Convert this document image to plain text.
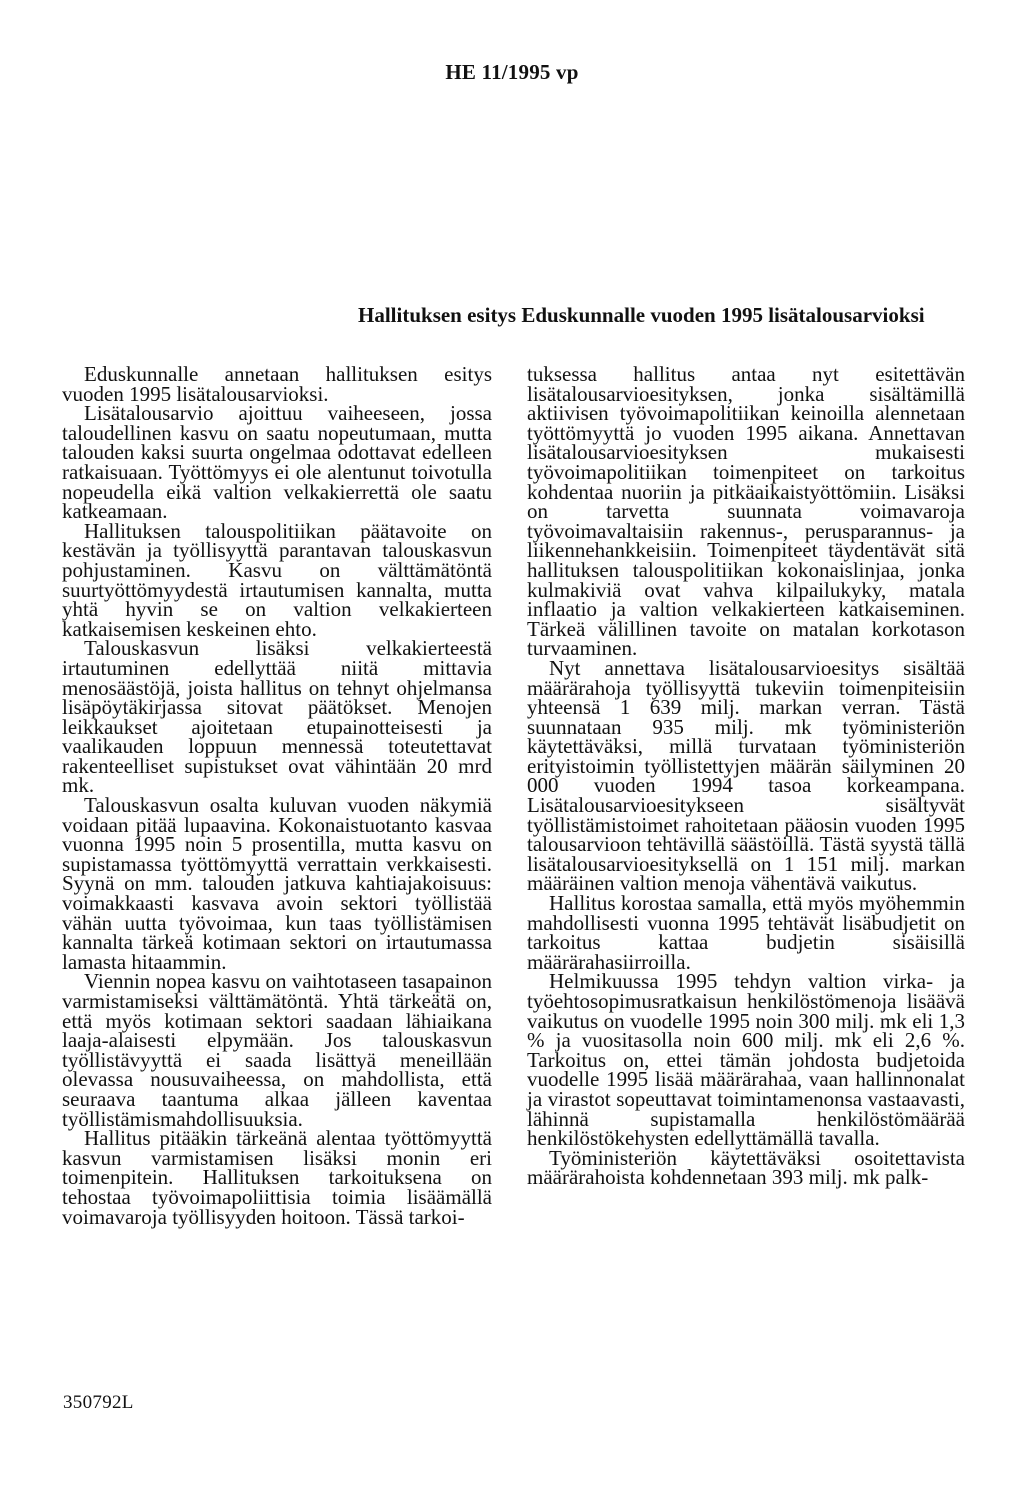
HE 11/1995 vp
Hallituksen esitys Eduskunnalle vuoden 1995 lisätalousarvioksi

Eduskunnalle annetaan hallituksen esitys vuoden 1995 lisätalousarvioksi.

Lisätalousarvio ajoittuu vaiheeseen, jossa taloudellinen kasvu on saatu nopeutumaan, mutta talouden kaksi suurta ongelmaa odottavat edelleen ratkaisuaan. Työttömyys ei ole alentunut toivotulla nopeudella eikä valtion velkakierrettä ole saatu katkeamaan.

Hallituksen talouspolitiikan päätavoite on kestävän ja työllisyyttä parantavan talouskasvun pohjustaminen. Kasvu on välttämätöntä suurtyöttömyydestä irtautumisen kannalta, mutta yhtä hyvin se on valtion velkakierteen katkaisemisen keskeinen ehto.

Talouskasvun lisäksi velkakierteestä irtautuminen edellyttää niitä mittavia menosäästöjä, joista hallitus on tehnyt ohjelmansa lisäpöytäkirjassa sitovat päätökset. Menojen leikkaukset ajoitetaan etupainotteisesti ja vaalikauden loppuun mennessä toteutettavat rakenteelliset supistukset ovat vähintään 20 mrd mk.

Talouskasvun osalta kuluvan vuoden näkymiä voidaan pitää lupaavina. Kokonaistuotanto kasvaa vuonna 1995 noin 5 prosentilla, mutta kasvu on supistamassa työttömyyttä verrattain verkkaisesti. Syynä on mm. talouden jatkuva kahtiajakoisuus: voimakkaasti kasvava avoin sektori työllistää vähän uutta työvoimaa, kun taas työllistämisen kannalta tärkeä kotimaan sektori on irtautumassa lamasta hitaammin.

Viennin nopea kasvu on vaihtotaseen tasapainon varmistamiseksi välttämätöntä. Yhtä tärkeätä on, että myös kotimaan sektori saadaan lähiaikana laaja-alaisesti elpymään. Jos talouskasvun työllistävyyttä ei saada lisättyä meneillään olevassa nousuvaiheessa, on mahdollista, että seuraava taantuma alkaa jälleen kaventaa työllistämismahdollisuuksia.

Hallitus pitääkin tärkeänä alentaa työttömyyttä kasvun varmistamisen lisäksi monin eri toimenpitein. Hallituksen tarkoituksena on tehostaa työvoimapoliittisia toimia lisäämällä voimavaroja työllisyyden hoitoon. Tässä tarkoi-

tuksessa hallitus antaa nyt esitettävän lisätalousarvioesityksen, jonka sisältämillä aktiivisen työvoimapolitiikan keinoilla alennetaan työttömyyttä jo vuoden 1995 aikana. Annettavan lisätalousarvioesityksen mukaisesti työvoimapolitiikan toimenpiteet on tarkoitus kohdentaa nuoriin ja pitkäaikaistyöttömiin. Lisäksi on tarvetta suunnata voimavaroja työvoimavaltaisiin rakennus-, perusparannus- ja liikennehankkeisiin. Toimenpiteet täydentävät sitä hallituksen talouspolitiikan kokonaislinjaa, jonka kulmakiviä ovat vahva kilpailukyky, matala inflaatio ja valtion velkakierteen katkaiseminen. Tärkeä välillinen tavoite on matalan korkotason turvaaminen.

Nyt annettava lisätalousarvioesitys sisältää määrärahoja työllisyyttä tukeviin toimenpiteisiin yhteensä 1 639 milj. markan verran. Tästä suunnataan 935 milj. mk työministeriön käytettäväksi, millä turvataan työministeriön erityistoimin työllistettyjen määrän säilyminen 20 000 vuoden 1994 tasoa korkeampana. Lisätalousarvioesitykseen sisältyvät työllistämistoimet rahoitetaan pääosin vuoden 1995 talousarvioon tehtävillä säästöillä. Tästä syystä tällä lisätalousarvioesityksellä on 1 151 milj. markan määräinen valtion menoja vähentävä vaikutus.

Hallitus korostaa samalla, että myös myöhemmin mahdollisesti vuonna 1995 tehtävät lisäbudjetit on tarkoitus kattaa budjetin sisäisillä määrärahasiirroilla.

Helmikuussa 1995 tehdyn valtion virka- ja työehtosopimusratkaisun henkilöstömenoja lisäävä vaikutus on vuodelle 1995 noin 300 milj. mk eli 1,3 % ja vuositasolla noin 600 milj. mk eli 2,6 %. Tarkoitus on, ettei tämän johdosta budjetoida vuodelle 1995 lisää määrärahaa, vaan hallinnonalat ja virastot sopeuttavat toimintamenonsa vastaavasti, lähinnä supistamalla henkilöstömäärää henkilöstökehysten edellyttämällä tavalla.

Työministeriön käytettäväksi osoitettavista määrärahoista kohdennetaan 393 milj. mk palk-

350792L
